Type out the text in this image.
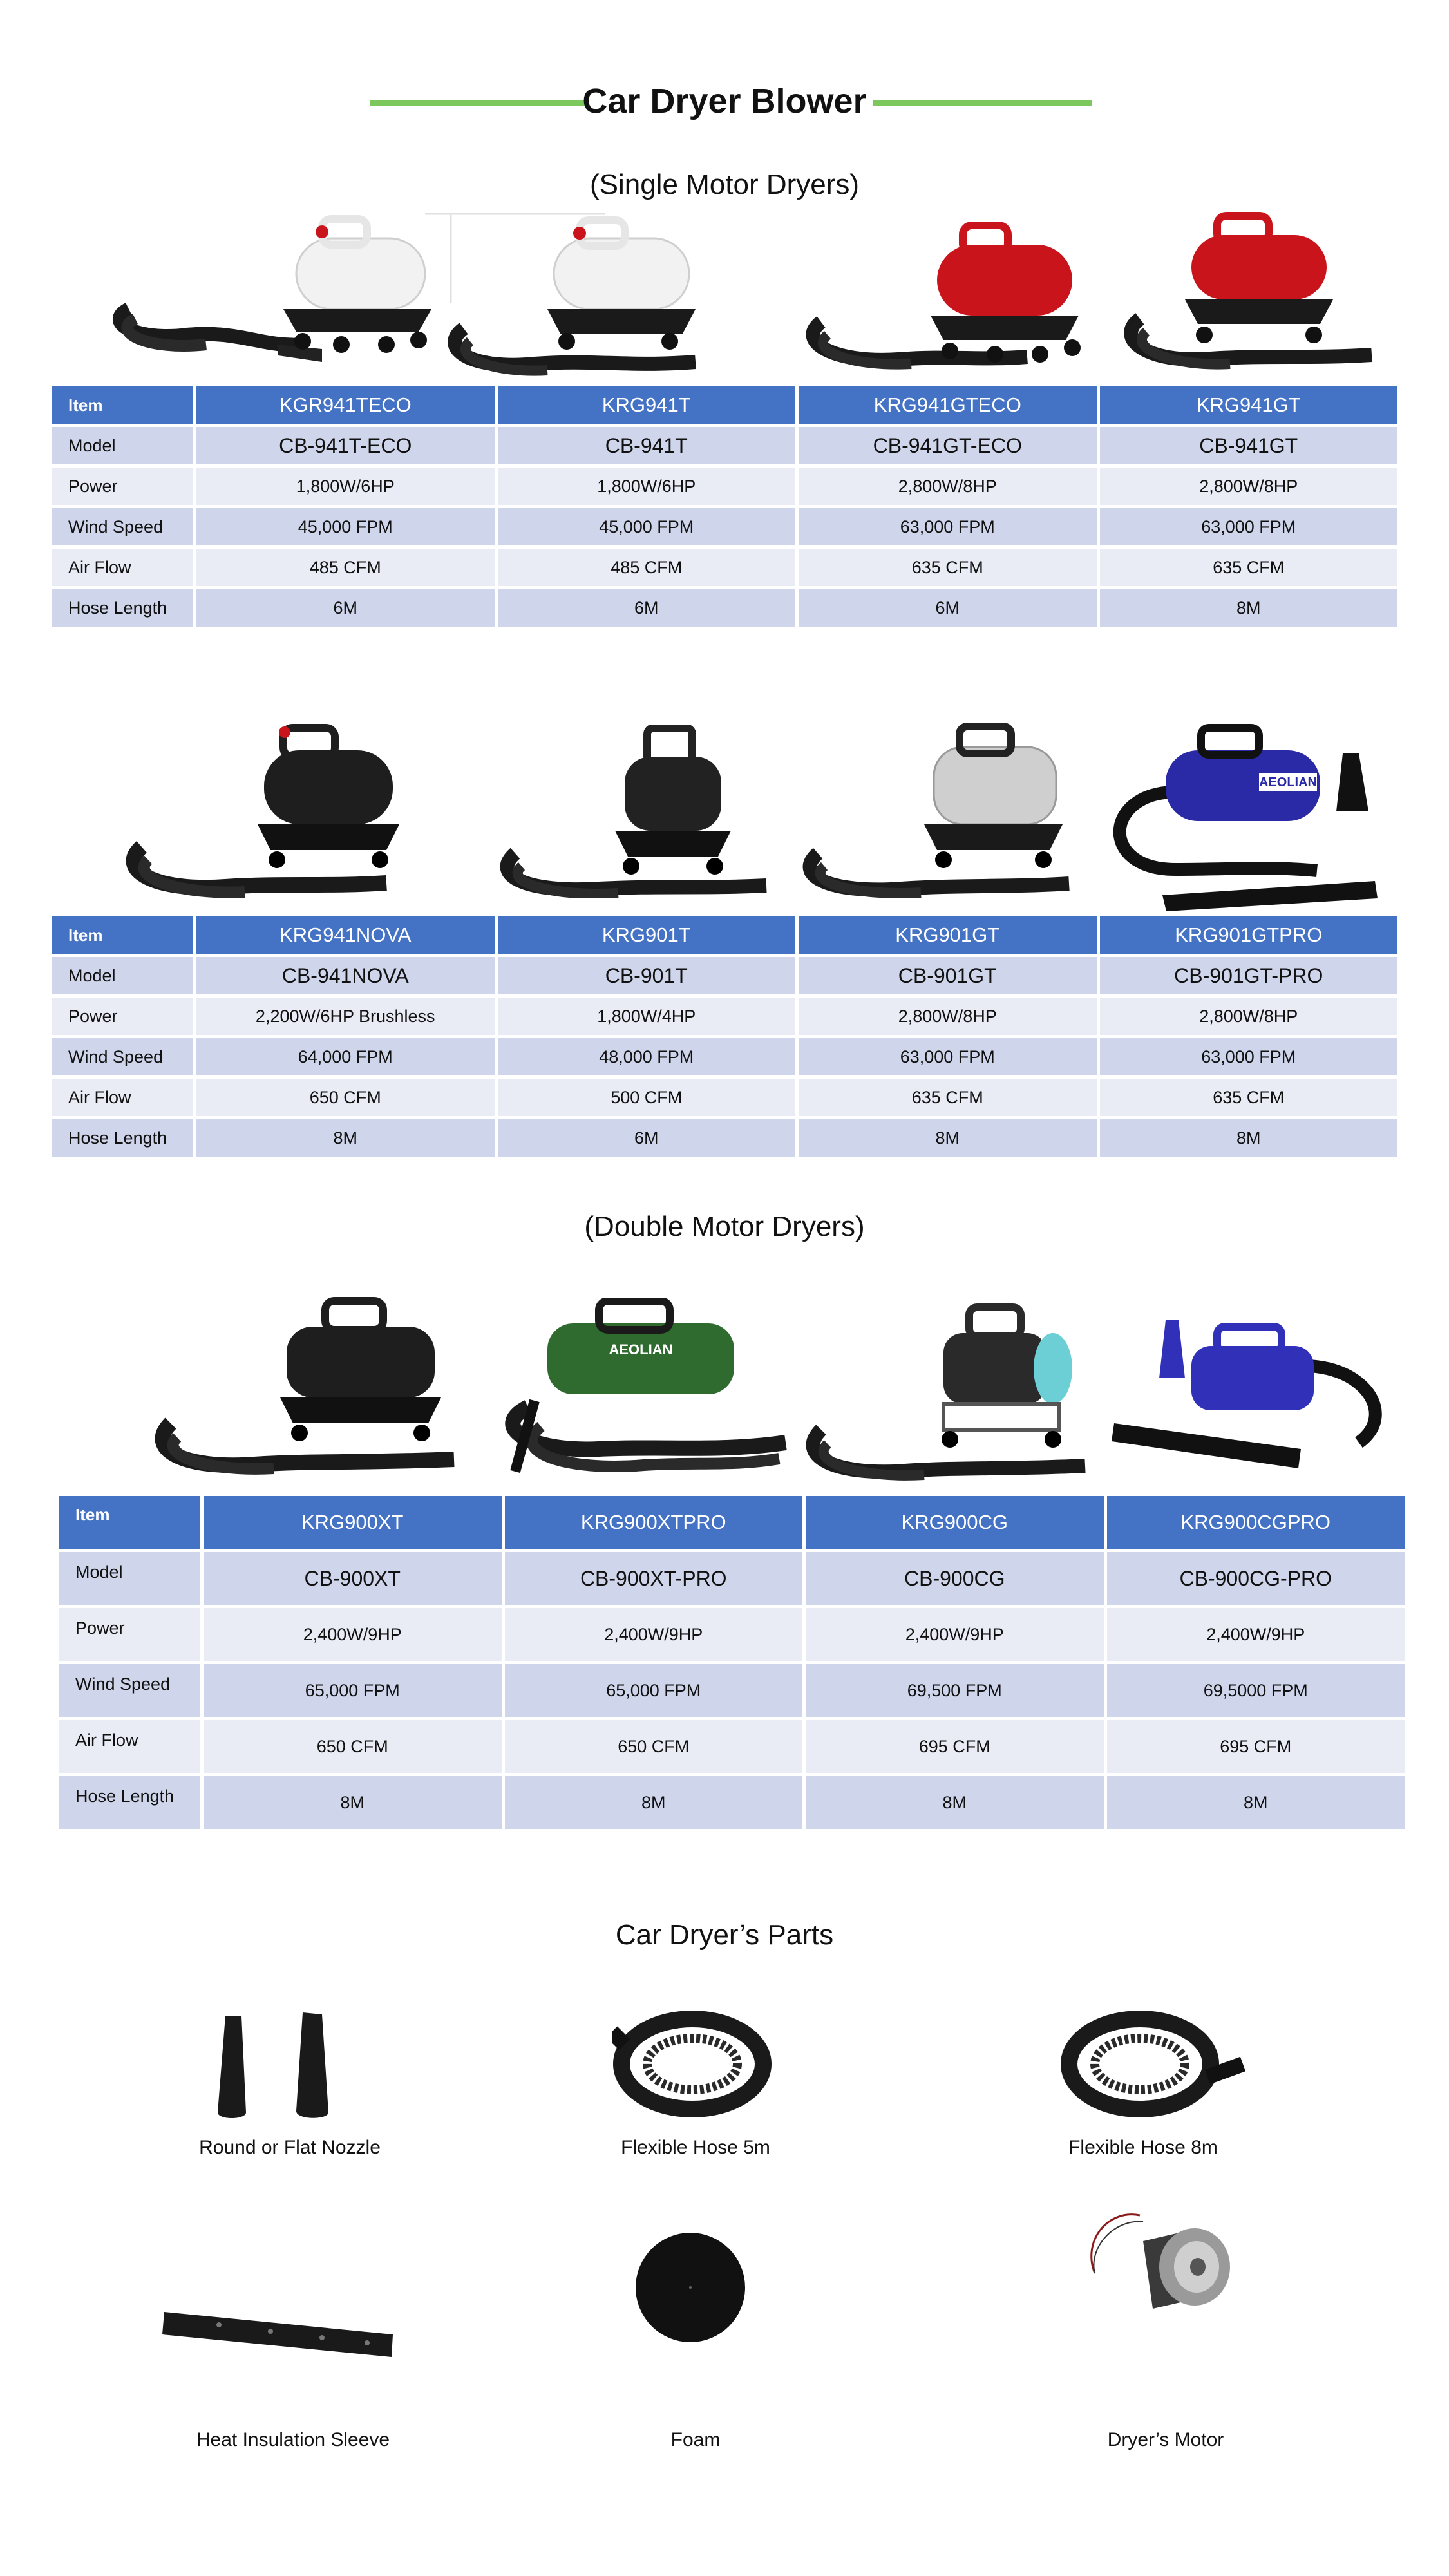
Car Dryer Blower
(Single Motor Dryers)
Item	KGR941TECO	KRG941T	KRG941GTECO	KRG941GT
Model	CB-941T-ECO	CB-941T	CB-941GT-ECO	CB-941GT
Power	1,800W/6HP	1,800W/6HP	2,800W/8HP	2,800W/8HP
Wind Speed	45,000 FPM	45,000 FPM	63,000 FPM	63,000 FPM
Air Flow	485 CFM	485 CFM	635 CFM	635 CFM
Hose Length	6M	6M	6M	8M
AEOLIAN
Item	KRG941NOVA	KRG901T	KRG901GT	KRG901GTPRO
Model	CB-941NOVA	CB-901T	CB-901GT	CB-901GT-PRO
Power	2,200W/6HP Brushless	1,800W/4HP	2,800W/8HP	2,800W/8HP
Wind Speed	64,000 FPM	48,000 FPM	63,000 FPM	63,000 FPM
Air Flow	650 CFM	500 CFM	635 CFM	635 CFM
Hose Length	8M	6M	8M	8M
(Double Motor Dryers)
AEOLIAN
Item	KRG900XT	KRG900XTPRO	KRG900CG	KRG900CGPRO
Model	CB-900XT	CB-900XT-PRO	CB-900CG	CB-900CG-PRO
Power	2,400W/9HP	2,400W/9HP	2,400W/9HP	2,400W/9HP
Wind Speed	65,000 FPM	65,000 FPM	69,500 FPM	69,5000 FPM
Air Flow	650 CFM	650 CFM	695 CFM	695 CFM
Hose Length	8M	8M	8M	8M
Car Dryer’s Parts
Round or Flat Nozzle	Flexible Hose 5m	Flexible Hose 8m
Heat Insulation Sleeve	Foam	Dryer’s Motor
